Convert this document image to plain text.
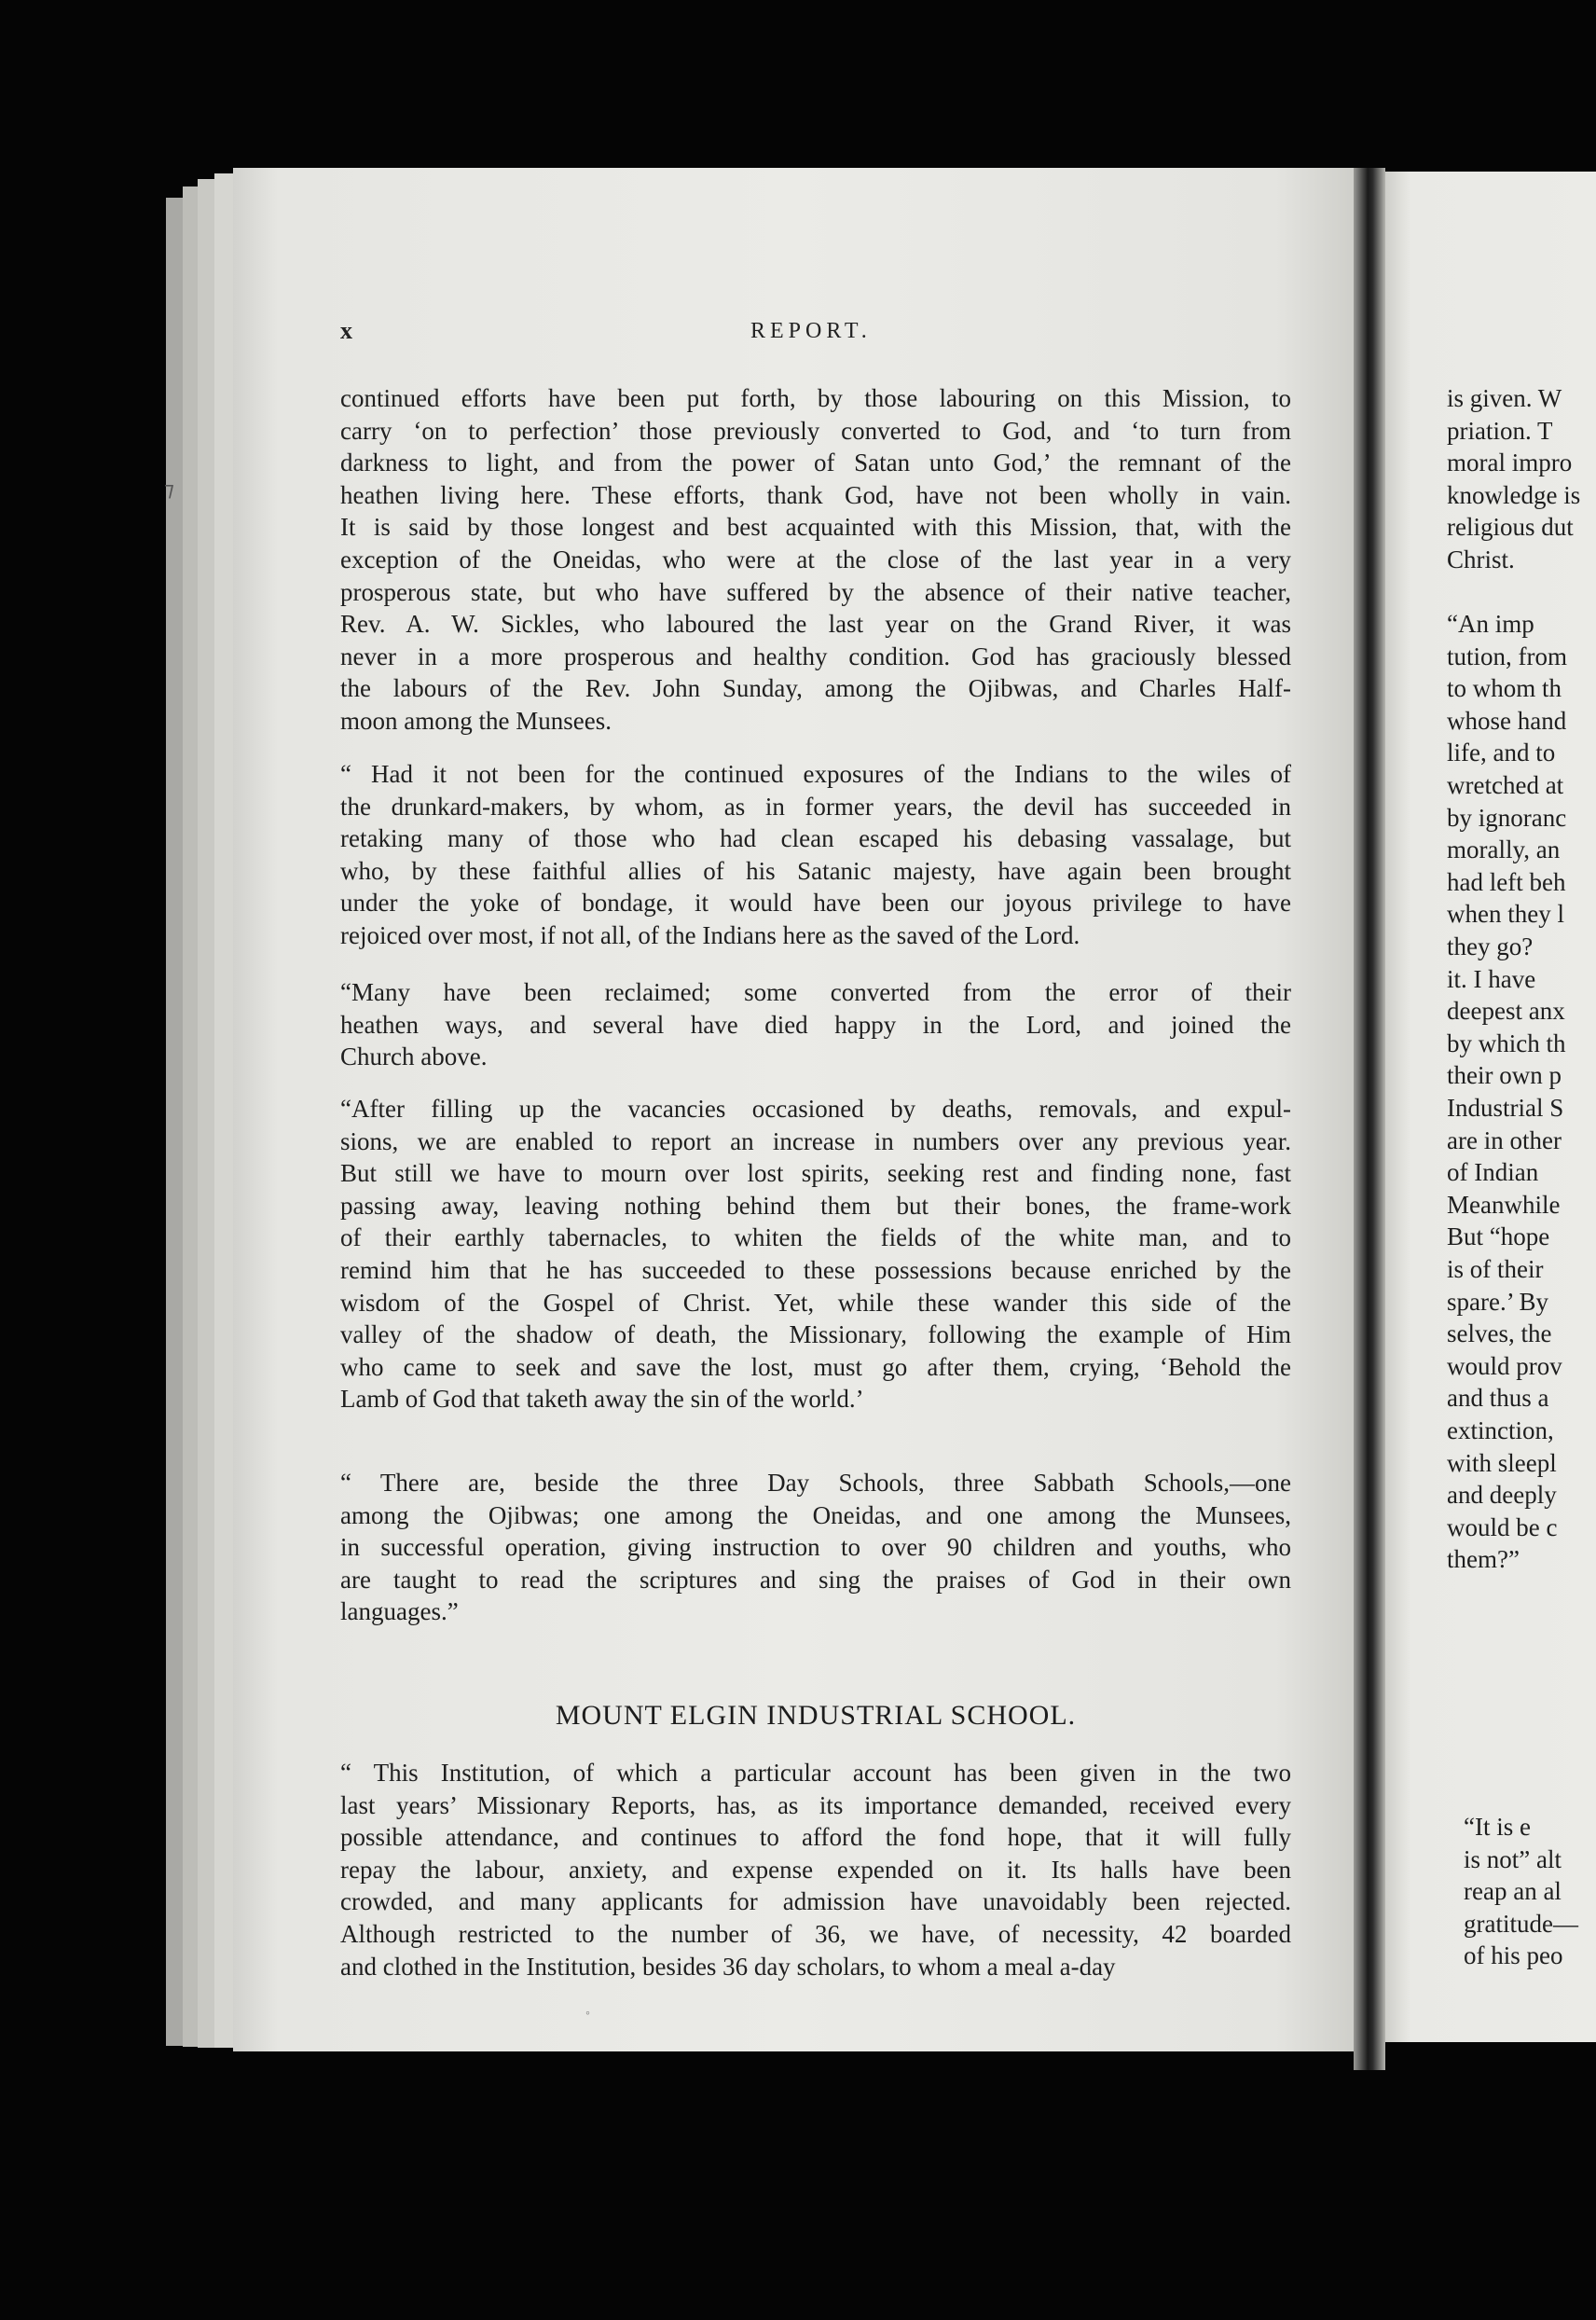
⁊
x	REPORT.

continued efforts have been put forth, by those labouring on this Mission, to
carry ‘on to perfection’ those previously converted to God, and ‘to turn from
darkness to light, and from the power of Satan unto God,’ the remnant of the
heathen living here. These efforts, thank God, have not been wholly in vain.
It is said by those longest and best acquainted with this Mission, that, with the
exception of the Oneidas, who were at the close of the last year in a very
prosperous state, but who have suffered by the absence of their native teacher,
Rev. A. W. Sickles, who laboured the last year on the Grand River, it was
never in a more prosperous and healthy condition. God has graciously blessed
the labours of the Rev. John Sunday, among the Ojibwas, and Charles Half-
moon among the Munsees.

“ Had it not been for the continued exposures of the Indians to the wiles of
the drunkard-makers, by whom, as in former years, the devil has succeeded in
retaking many of those who had clean escaped his debasing vassalage, but
who, by these faithful allies of his Satanic majesty, have again been brought
under the yoke of bondage, it would have been our joyous privilege to have
rejoiced over most, if not all, of the Indians here as the saved of the Lord.

“Many have been reclaimed; some converted from the error of their
heathen ways, and several have died happy in the Lord, and joined the
Church above.

“After filling up the vacancies occasioned by deaths, removals, and expul-
sions, we are enabled to report an increase in numbers over any previous year.
But still we have to mourn over lost spirits, seeking rest and finding none, fast
passing away, leaving nothing behind them but their bones, the frame-work
of their earthly tabernacles, to whiten the fields of the white man, and to
remind him that he has succeeded to these possessions because enriched by the
wisdom of the Gospel of Christ. Yet, while these wander this side of the
valley of the shadow of death, the Missionary, following the example of Him
who came to seek and save the lost, must go after them, crying, ‘Behold the
Lamb of God that taketh away the sin of the world.’

“ There are, beside the three Day Schools, three Sabbath Schools,—one
among the Ojibwas; one among the Oneidas, and one among the Munsees,
in successful operation, giving instruction to over 90 children and youths, who
are taught to read the scriptures and sing the praises of God in their own
languages.”

MOUNT ELGIN INDUSTRIAL SCHOOL.

“ This Institution, of which a particular account has been given in the two
last years’ Missionary Reports, has, as its importance demanded, received every
possible attendance, and continues to afford the fond hope, that it will fully
repay the labour, anxiety, and expense expended on it. Its halls have been
crowded, and many applicants for admission have unavoidably been rejected.
Although restricted to the number of 36, we have, of necessity, 42 boarded
and clothed in the Institution, besides 36 day scholars, to whom a meal a-day

◦
is given. W
priation. T
moral impro
knowledge is
religious dut
Christ.
“An imp
tution, from
to whom th
whose hand
life, and to
wretched at
by ignoranc
morally, an
had left beh
when they l
they go?
it. I have
deepest anx
by which th
their own p
Industrial S
are in other
of Indian
Meanwhile
But “hope
is of their
spare.’ By
selves, the
would prov
and thus a
extinction,
with sleepl
and deeply
would be c
them?”
“It is e
is not” alt
reap an al
gratitude—
of his peo
